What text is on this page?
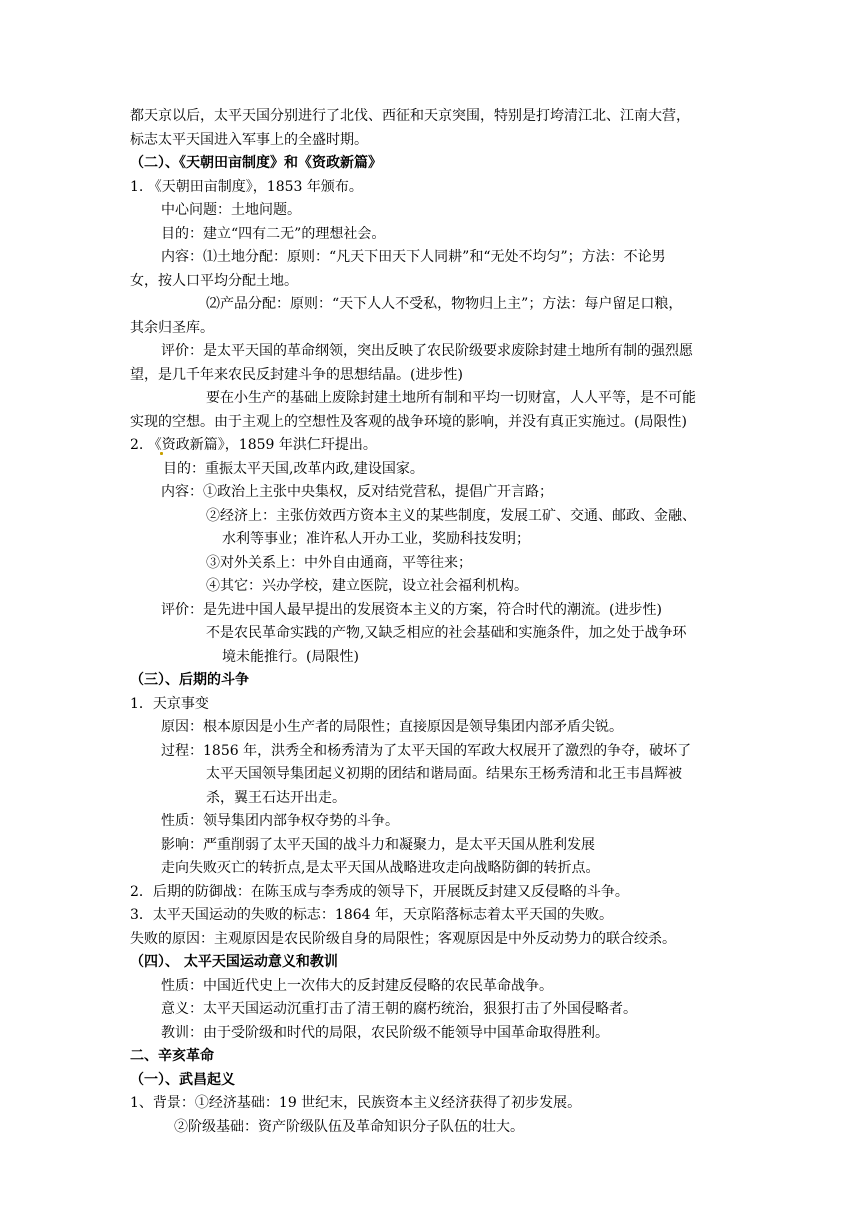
都天京以后，太平天国分别进行了北伐、西征和天京突围，特别是打垮清江北、江南大营，
标志太平天国进入军事上的全盛时期。
（二）、《天朝田亩制度》和《资政新篇》
1. 《天朝田亩制度》，1853 年颁布。
中心问题：土地问题。
目的：建立“四有二无”的理想社会。
内容：⑴土地分配：原则：“凡天下田天下人同耕”和“无处不均匀”；方法：不论男
女，按人口平均分配土地。
⑵产品分配：原则：“天下人人不受私，物物归上主”；方法：每户留足口粮，
其余归圣库。
评价：是太平天国的革命纲领，突出反映了农民阶级要求废除封建土地所有制的强烈愿
望，是几千年来农民反封建斗争的思想结晶。(进步性)
要在小生产的基础上废除封建土地所有制和平均一切财富，人人平等，是不可能
实现的空想。由于主观上的空想性及客观的战争环境的影响，并没有真正实施过。(局限性)
2. 《资政新篇》，1859 年洪仁玕提出。
目的：重振太平天国,改革内政,建设国家。
内容：①政治上主张中央集权，反对结党营私，提倡广开言路；
②经济上：主张仿效西方资本主义的某些制度，发展工矿、交通、邮政、金融、
水利等事业；准许私人开办工业，奖励科技发明；
③对外关系上：中外自由通商，平等往来；
④其它：兴办学校，建立医院，设立社会福利机构。
评价：是先进中国人最早提出的发展资本主义的方案，符合时代的潮流。(进步性)
不是农民革命实践的产物,又缺乏相应的社会基础和实施条件，加之处于战争环
境未能推行。(局限性)
（三）、后期的斗争
1．天京事变
原因：根本原因是小生产者的局限性；直接原因是领导集团内部矛盾尖锐。
过程：1856 年，洪秀全和杨秀清为了太平天国的军政大权展开了激烈的争夺，破坏了
太平天国领导集团起义初期的团结和谐局面。结果东王杨秀清和北王韦昌辉被
杀，翼王石达开出走。
性质：领导集团内部争权夺势的斗争。
影响：严重削弱了太平天国的战斗力和凝聚力，是太平天国从胜利发展
走向失败灭亡的转折点,是太平天国从战略进攻走向战略防御的转折点。
2．后期的防御战：在陈玉成与李秀成的领导下，开展既反封建又反侵略的斗争。
3．太平天国运动的失败的标志：1864 年，天京陷落标志着太平天国的失败。
失败的原因：主观原因是农民阶级自身的局限性；客观原因是中外反动势力的联合绞杀。
（四）、 太平天国运动意义和教训
性质：中国近代史上一次伟大的反封建反侵略的农民革命战争。
意义：太平天国运动沉重打击了清王朝的腐朽统治，狠狠打击了外国侵略者。
教训：由于受阶级和时代的局限，农民阶级不能领导中国革命取得胜利。
二、辛亥革命
（一）、武昌起义
1、背景：①经济基础：19 世纪末，民族资本主义经济获得了初步发展。
②阶级基础：资产阶级队伍及革命知识分子队伍的壮大。
